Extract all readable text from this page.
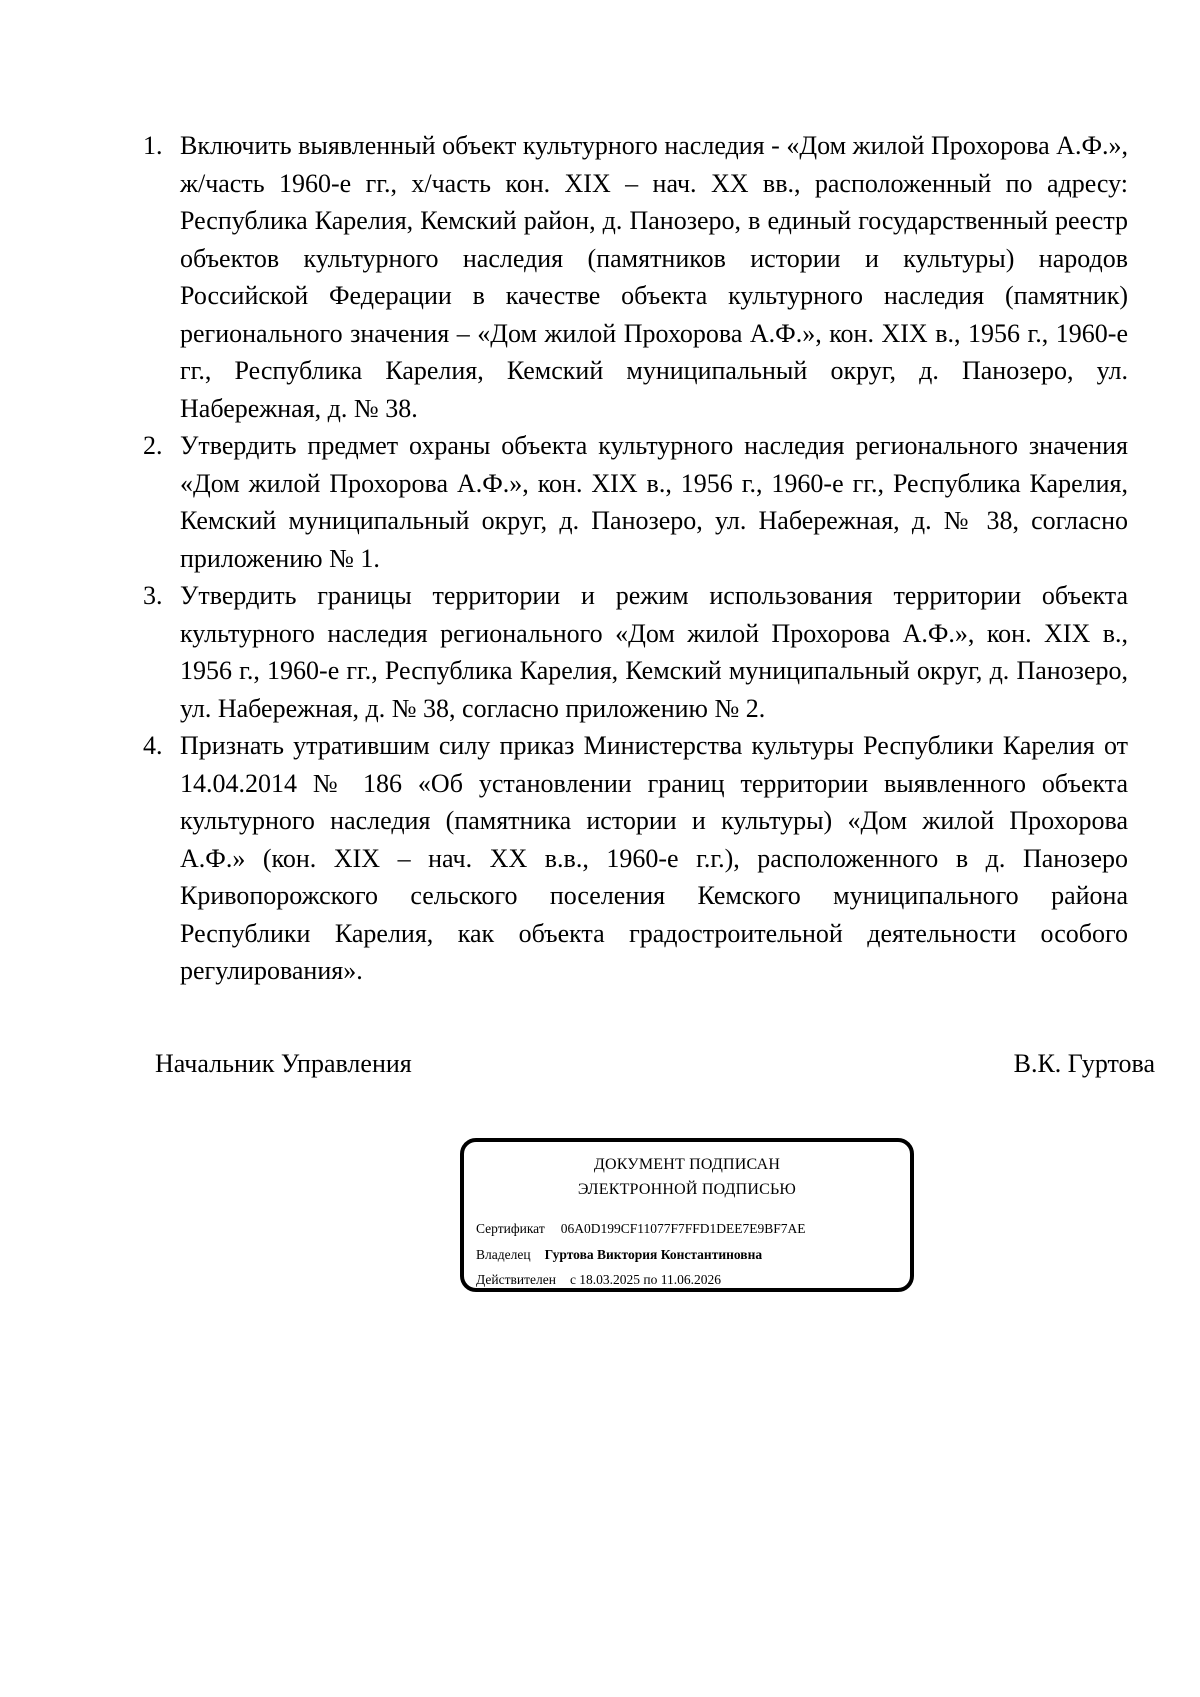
1. Включить выявленный объект культурного наследия - «Дом жилой Прохорова А.Ф.», ж/часть 1960-е гг., х/часть кон. XIX – нач. XX вв., расположенный по адресу: Республика Карелия, Кемский район, д. Панозеро, в единый государственный реестр объектов культурного наследия (памятников истории и культуры) народов Российской Федерации в качестве объекта культурного наследия (памятник) регионального значения – «Дом жилой Прохорова А.Ф.», кон. XIX в., 1956 г., 1960-е гг., Республика Карелия, Кемский муниципальный округ, д. Панозеро, ул. Набережная, д. № 38.
2. Утвердить предмет охраны объекта культурного наследия регионального значения «Дом жилой Прохорова А.Ф.», кон. XIX в., 1956 г., 1960-е гг., Республика Карелия, Кемский муниципальный округ, д. Панозеро, ул. Набережная, д. № 38, согласно приложению № 1.
3. Утвердить границы территории и режим использования территории объекта культурного наследия регионального «Дом жилой Прохорова А.Ф.», кон. XIX в., 1956 г., 1960-е гг., Республика Карелия, Кемский муниципальный округ, д. Панозеро, ул. Набережная, д. № 38, согласно приложению № 2.
4. Признать утратившим силу приказ Министерства культуры Республики Карелия от 14.04.2014 № 186 «Об установлении границ территории выявленного объекта культурного наследия (памятника истории и культуры) «Дом жилой Прохорова А.Ф.» (кон. XIX – нач. XX в.в., 1960-е г.г.), расположенного в д. Панозеро Кривопорожского сельского поселения Кемского муниципального района Республики Карелия, как объекта градостроительной деятельности особого регулирования».
Начальник Управления	В.К. Гуртова
ДОКУМЕНТ ПОДПИСАН
ЭЛЕКТРОННОЙ ПОДПИСЬЮ
Сертификат 06A0D199CF11077F7FFD1DEE7E9BF7AE
Владелец Гуртова Виктория Константиновна
Действителен с 18.03.2025 по 11.06.2026
